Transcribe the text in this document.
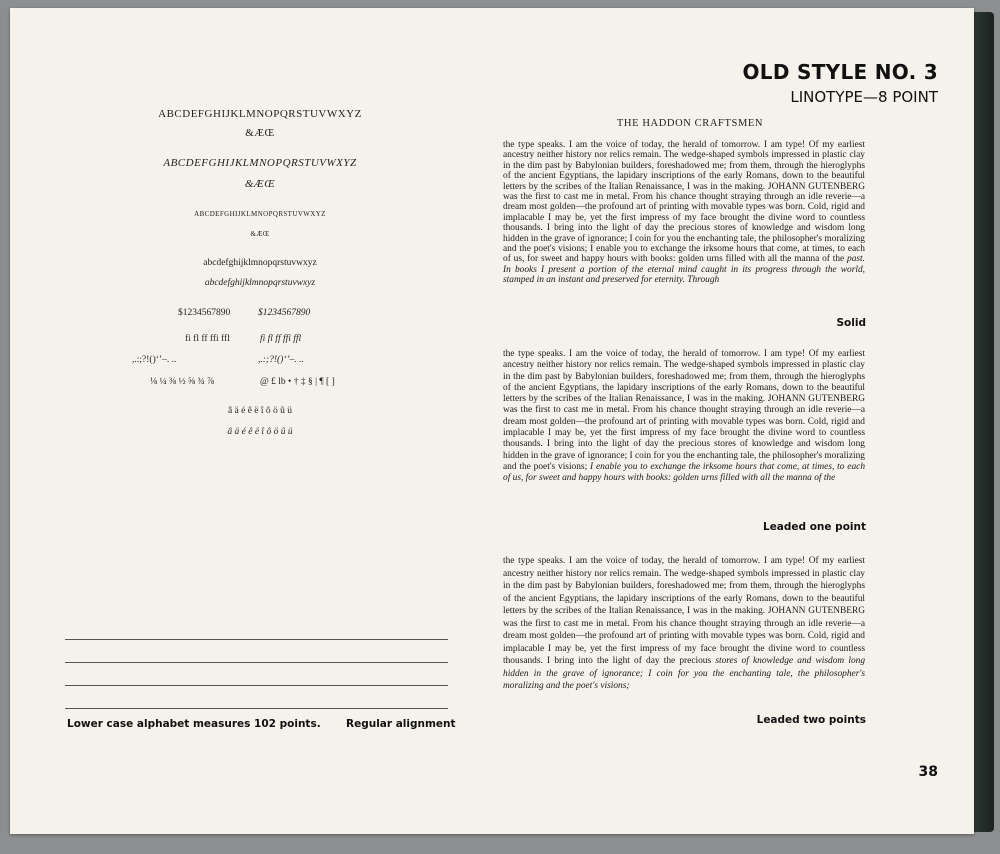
OLD STYLE NO. 3
LINOTYPE—8 POINT
ABCDEFGHIJKLMNOPQRSTUVWXYZ
&ÆŒ
ABCDEFGHIJKLMNOPQRSTUVWXYZ
&ÆŒ
ABCDEFGHIJKLMNOPQRSTUVWXYZ
&ÆŒ
abcdefghijklmnopqrstuvwxyz
abcdefghijklmnopqrstuvwxyz
$1234567890	$1234567890
fi fl ff ffi ffl	fi fl ff ffi ffl
,.:;?!()‘’–. ..	,.:;?!()‘’–. ..
⅛ ¼ ⅜ ½ ⅝ ¾ ⅞	@ £ lb • † ‡ § | ¶ [ ]
â ä é ê ë î ô ö û ü
â ä é ê ë î ô ö û ü
Lower case alphabet measures 102 points. Regular alignment
THE HADDON CRAFTSMEN

the type speaks. I am the voice of today, the herald of tomorrow. I am type! Of my earliest ancestry neither history nor relics remain. The wedge-shaped symbols impressed in plastic clay in the dim past by Babylonian builders, foreshadowed me; from them, through the hieroglyphs of the ancient Egyptians, the lapidary inscriptions of the early Romans, down to the beautiful letters by the scribes of the Italian Renaissance, I was in the making. JOHANN GUTENBERG was the first to cast me in metal. From his chance thought straying through an idle reverie—a dream most golden—the profound art of printing with movable types was born. Cold, rigid and implacable I may be, yet the first impress of my face brought the divine word to countless thousands. I bring into the light of day the precious stores of knowledge and wisdom long hidden in the grave of ignorance; I coin for you the enchanting tale, the philosopher's moralizing and the poet's visions; I enable you to exchange the irksome hours that come, at times, to each of us, for sweet and happy hours with books: golden urns filled with all the manna of the past. In books I present a portion of the eternal mind caught in its progress through the world, stamped in an instant and preserved for eternity. Through

Solid

the type speaks. I am the voice of today, the herald of tomorrow. I am type! Of my earliest ancestry neither history nor relics remain. The wedge-shaped symbols impressed in plastic clay in the dim past by Babylonian builders, foreshadowed me; from them, through the hieroglyphs of the ancient Egyptians, the lapidary inscriptions of the early Romans, down to the beautiful letters by the scribes of the Italian Renaissance, I was in the making. JOHANN GUTENBERG was the first to cast me in metal. From his chance thought straying through an idle reverie—a dream most golden—the profound art of printing with movable types was born. Cold, rigid and implacable I may be, yet the first impress of my face brought the divine word to countless thousands. I bring into the light of day the precious stores of knowledge and wisdom long hidden in the grave of ignorance; I coin for you the enchanting tale, the philosopher's moralizing and the poet's visions; I enable you to exchange the irksome hours that come, at times, to each of us, for sweet and happy hours with books: golden urns filled with all the manna of the

Leaded one point

the type speaks. I am the voice of today, the herald of tomorrow. I am type! Of my earliest ancestry neither history nor relics remain. The wedge-shaped symbols impressed in plastic clay in the dim past by Babylonian builders, foreshadowed me; from them, through the hieroglyphs of the ancient Egyptians, the lapidary inscriptions of the early Romans, down to the beautiful letters by the scribes of the Italian Renaissance, I was in the making. JOHANN GUTENBERG was the first to cast me in metal. From his chance thought straying through an idle reverie—a dream most golden—the profound art of printing with movable types was born. Cold, rigid and implacable I may be, yet the first impress of my face brought the divine word to countless thousands. I bring into the light of day the precious stores of knowledge and wisdom long hidden in the grave of ignorance; I coin for you the enchanting tale, the philosopher's moralizing and the poet's visions;

Leaded two points
38
